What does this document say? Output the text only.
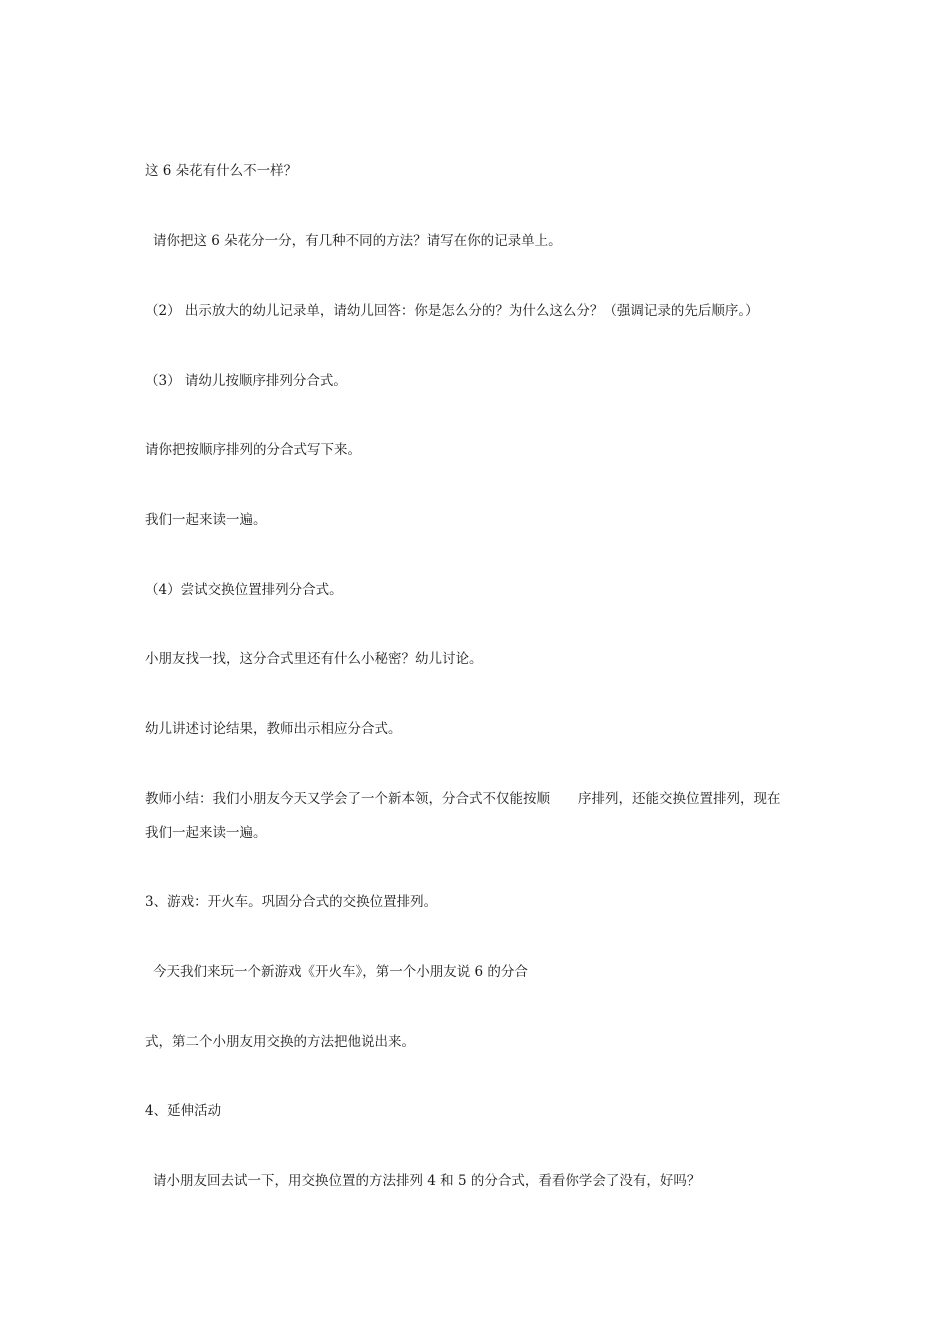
这 6 朵花有什么不一样？
请你把这 6 朵花分一分，有几种不同的方法？请写在你的记录单上。
（2） 出示放大的幼儿记录单，请幼儿回答：你是怎么分的？为什么这么分？（强调记录的先后顺序。）
（3） 请幼儿按顺序排列分合式。
请你把按顺序排列的分合式写下来。
我们一起来读一遍。
（4）尝试交换位置排列分合式。
小朋友找一找，这分合式里还有什么小秘密？幼儿讨论。
幼儿讲述讨论结果，教师出示相应分合式。
教师小结：我们小朋友今天又学会了一个新本领，分合式不仅能按顺 序排列，还能交换位置排列，现在
我们一起来读一遍。
3、游戏：开火车。巩固分合式的交换位置排列。
今天我们来玩一个新游戏《开火车》，第一个小朋友说 6 的分合
式，第二个小朋友用交换的方法把他说出来。
4、延伸活动
请小朋友回去试一下，用交换位置的方法排列 4 和 5 的分合式，看看你学会了没有，好吗？
